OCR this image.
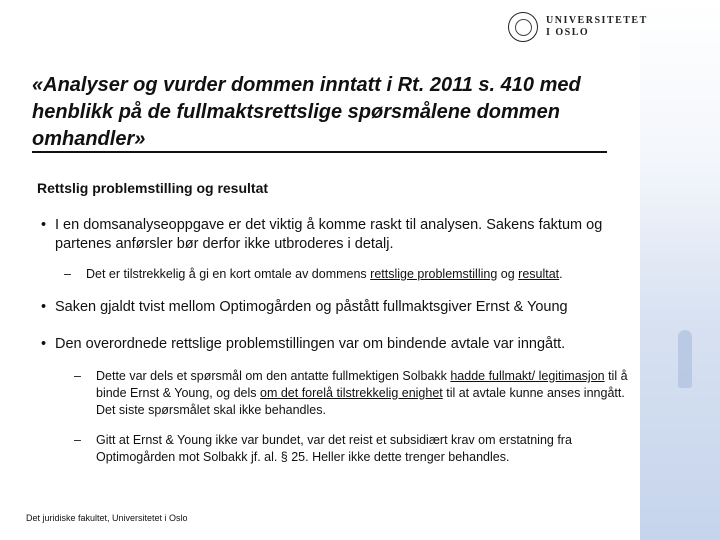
UNIVERSITETET
I OSLO
«Analyser og vurder dommen inntatt i Rt. 2011 s. 410 med henblikk på de fullmaktsrettslige spørsmålene dommen omhandler»

Rettslig problemstilling og resultat

• I en domsanalyseoppgave er det viktig å komme raskt til analysen. Sakens faktum og partenes anførsler bør derfor ikke utbroderes i detalj.
– Det er tilstrekkelig å gi en kort omtale av dommens rettslige problemstilling og resultat.
• Saken gjaldt tvist mellom Optimogården og påstått fullmaktsgiver Ernst & Young
• Den overordnede rettslige problemstillingen var om bindende avtale var inngått.
– Dette var dels et spørsmål om den antatte fullmektigen Solbakk hadde fullmakt/ legitimasjon til å binde Ernst & Young, og dels om det forelå tilstrekkelig enighet til at avtale kunne anses inngått. Det siste spørsmålet skal ikke behandles.
– Gitt at Ernst & Young ikke var bundet, var det reist et subsidiært krav om erstatning fra Optimogården mot Solbakk jf. al. § 25. Heller ikke dette trenger behandles.

Det juridiske fakultet, Universitetet i Oslo
